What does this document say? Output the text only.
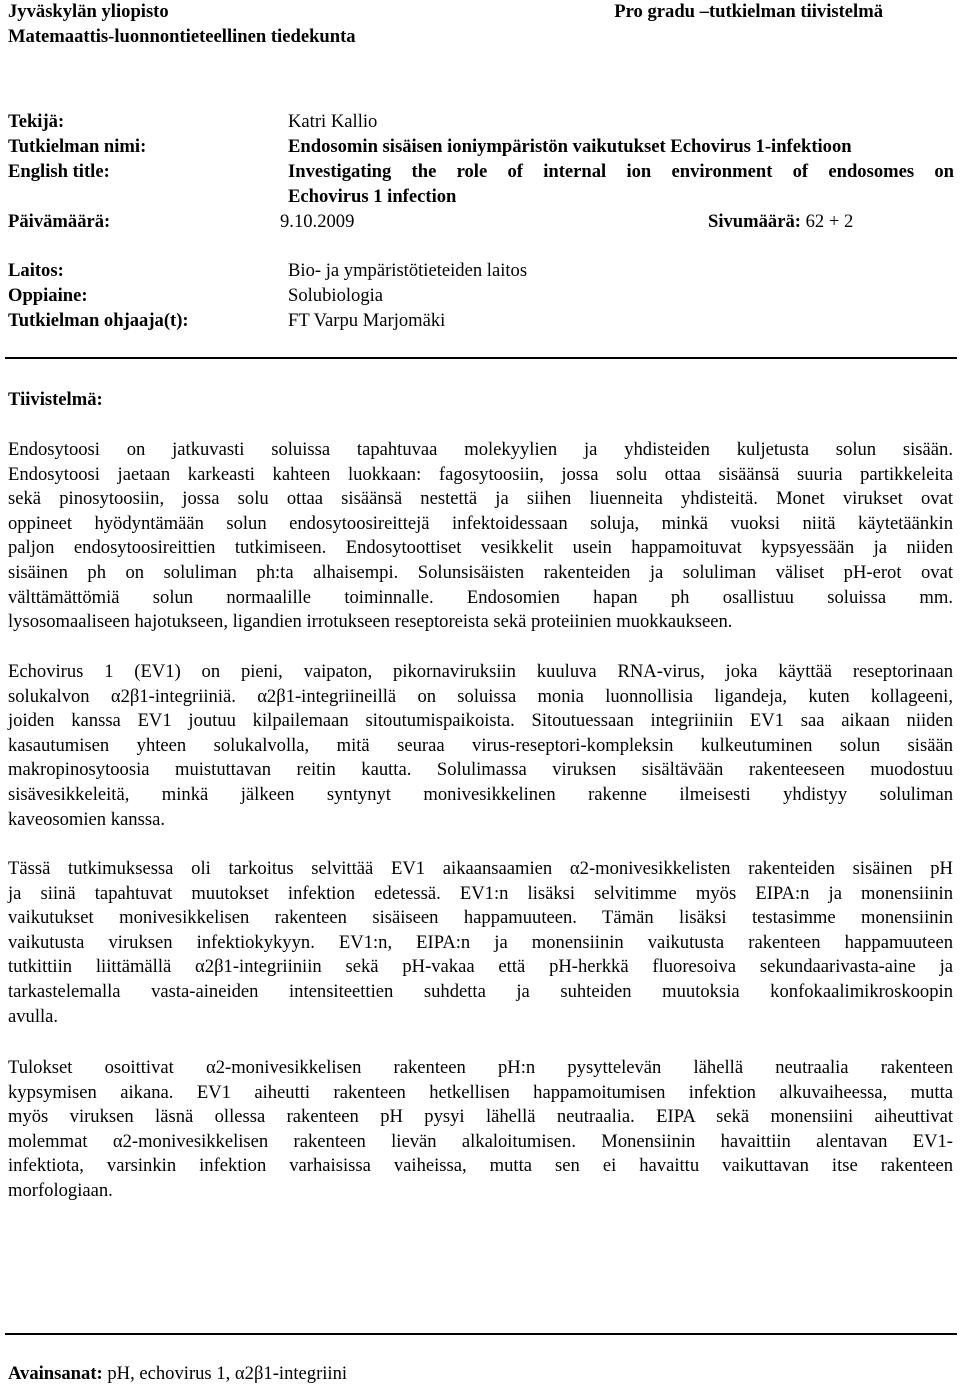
Jyväskylän yliopisto
Matemaattis-luonnontieteellinen tiedekunta
Pro gradu –tutkielman tiivistelmä
Tekijä:	Katri Kallio
Tutkielman nimi:	Endosomin sisäisen ioniympäristön vaikutukset Echovirus 1-infektioon
English title:	Investigating the role of internal ion environment of endosomes on
Echovirus 1 infection
Päivämäärä:	9.10.2009	Sivumäärä: 62 + 2
Laitos:	Bio- ja ympäristötieteiden laitos
Oppiaine:	Solubiologia
Tutkielman ohjaaja(t):	FT Varpu Marjomäki
Tiivistelmä:
Endosytoosi on jatkuvasti soluissa tapahtuvaa molekyylien ja yhdisteiden kuljetusta solun sisään.
Endosytoosi jaetaan karkeasti kahteen luokkaan: fagosytoosiin, jossa solu ottaa sisäänsä suuria partikkeleita
sekä pinosytoosiin, jossa solu ottaa sisäänsä nestettä ja siihen liuenneita yhdisteitä. Monet virukset ovat
oppineet hyödyntämään solun endosytoosireittejä infektoidessaan soluja, minkä vuoksi niitä käytetäänkin
paljon endosytoosireittien tutkimiseen. Endosytoottiset vesikkelit usein happamoituvat kypsyessään ja niiden
sisäinen ph on soluliman ph:ta alhaisempi. Solunsisäisten rakenteiden ja soluliman väliset pH-erot ovat
välttämättömiä solun normaalille toiminnalle. Endosomien hapan ph osallistuu soluissa mm.
lysosomaaliseen hajotukseen, ligandien irrotukseen reseptoreista sekä proteiinien muokkaukseen.
Echovirus 1 (EV1) on pieni, vaipaton, pikornaviruksiin kuuluva RNA-virus, joka käyttää reseptorinaan
solukalvon α2β1-integriiniä. α2β1-integriineillä on soluissa monia luonnollisia ligandeja, kuten kollageeni,
joiden kanssa EV1 joutuu kilpailemaan sitoutumispaikoista. Sitoutuessaan integriiniin EV1 saa aikaan niiden
kasautumisen yhteen solukalvolla, mitä seuraa virus-reseptori-kompleksin kulkeutuminen solun sisään
makropinosytoosia muistuttavan reitin kautta. Solulimassa viruksen sisältävään rakenteeseen muodostuu
sisävesikkeleitä, minkä jälkeen syntynyt monivesikkelinen rakenne ilmeisesti yhdistyy soluliman
kaveosomien kanssa.
Tässä tutkimuksessa oli tarkoitus selvittää EV1 aikaansaamien α2-monivesikkelisten rakenteiden sisäinen pH
ja siinä tapahtuvat muutokset infektion edetessä. EV1:n lisäksi selvitimme myös EIPA:n ja monensiinin
vaikutukset monivesikkelisen rakenteen sisäiseen happamuuteen. Tämän lisäksi testasimme monensiinin
vaikutusta viruksen infektiokykyyn. EV1:n, EIPA:n ja monensiinin vaikutusta rakenteen happamuuteen
tutkittiin liittämällä α2β1-integriiniin sekä pH-vakaa että pH-herkkä fluoresoiva sekundaarivasta-aine ja
tarkastelemalla vasta-aineiden intensiteettien suhdetta ja suhteiden muutoksia konfokaalimikroskoopin
avulla.
Tulokset osoittivat α2-monivesikkelisen rakenteen pH:n pysyttelevän lähellä neutraalia rakenteen
kypsymisen aikana. EV1 aiheutti rakenteen hetkellisen happamoitumisen infektion alkuvaiheessa, mutta
myös viruksen läsnä ollessa rakenteen pH pysyi lähellä neutraalia. EIPA sekä monensiini aiheuttivat
molemmat α2-monivesikkelisen rakenteen lievän alkaloitumisen. Monensiinin havaittiin alentavan EV1-
infektiota, varsinkin infektion varhaisissa vaiheissa, mutta sen ei havaittu vaikuttavan itse rakenteen
morfologiaan.
Avainsanat: pH, echovirus 1, α2β1-integriini
